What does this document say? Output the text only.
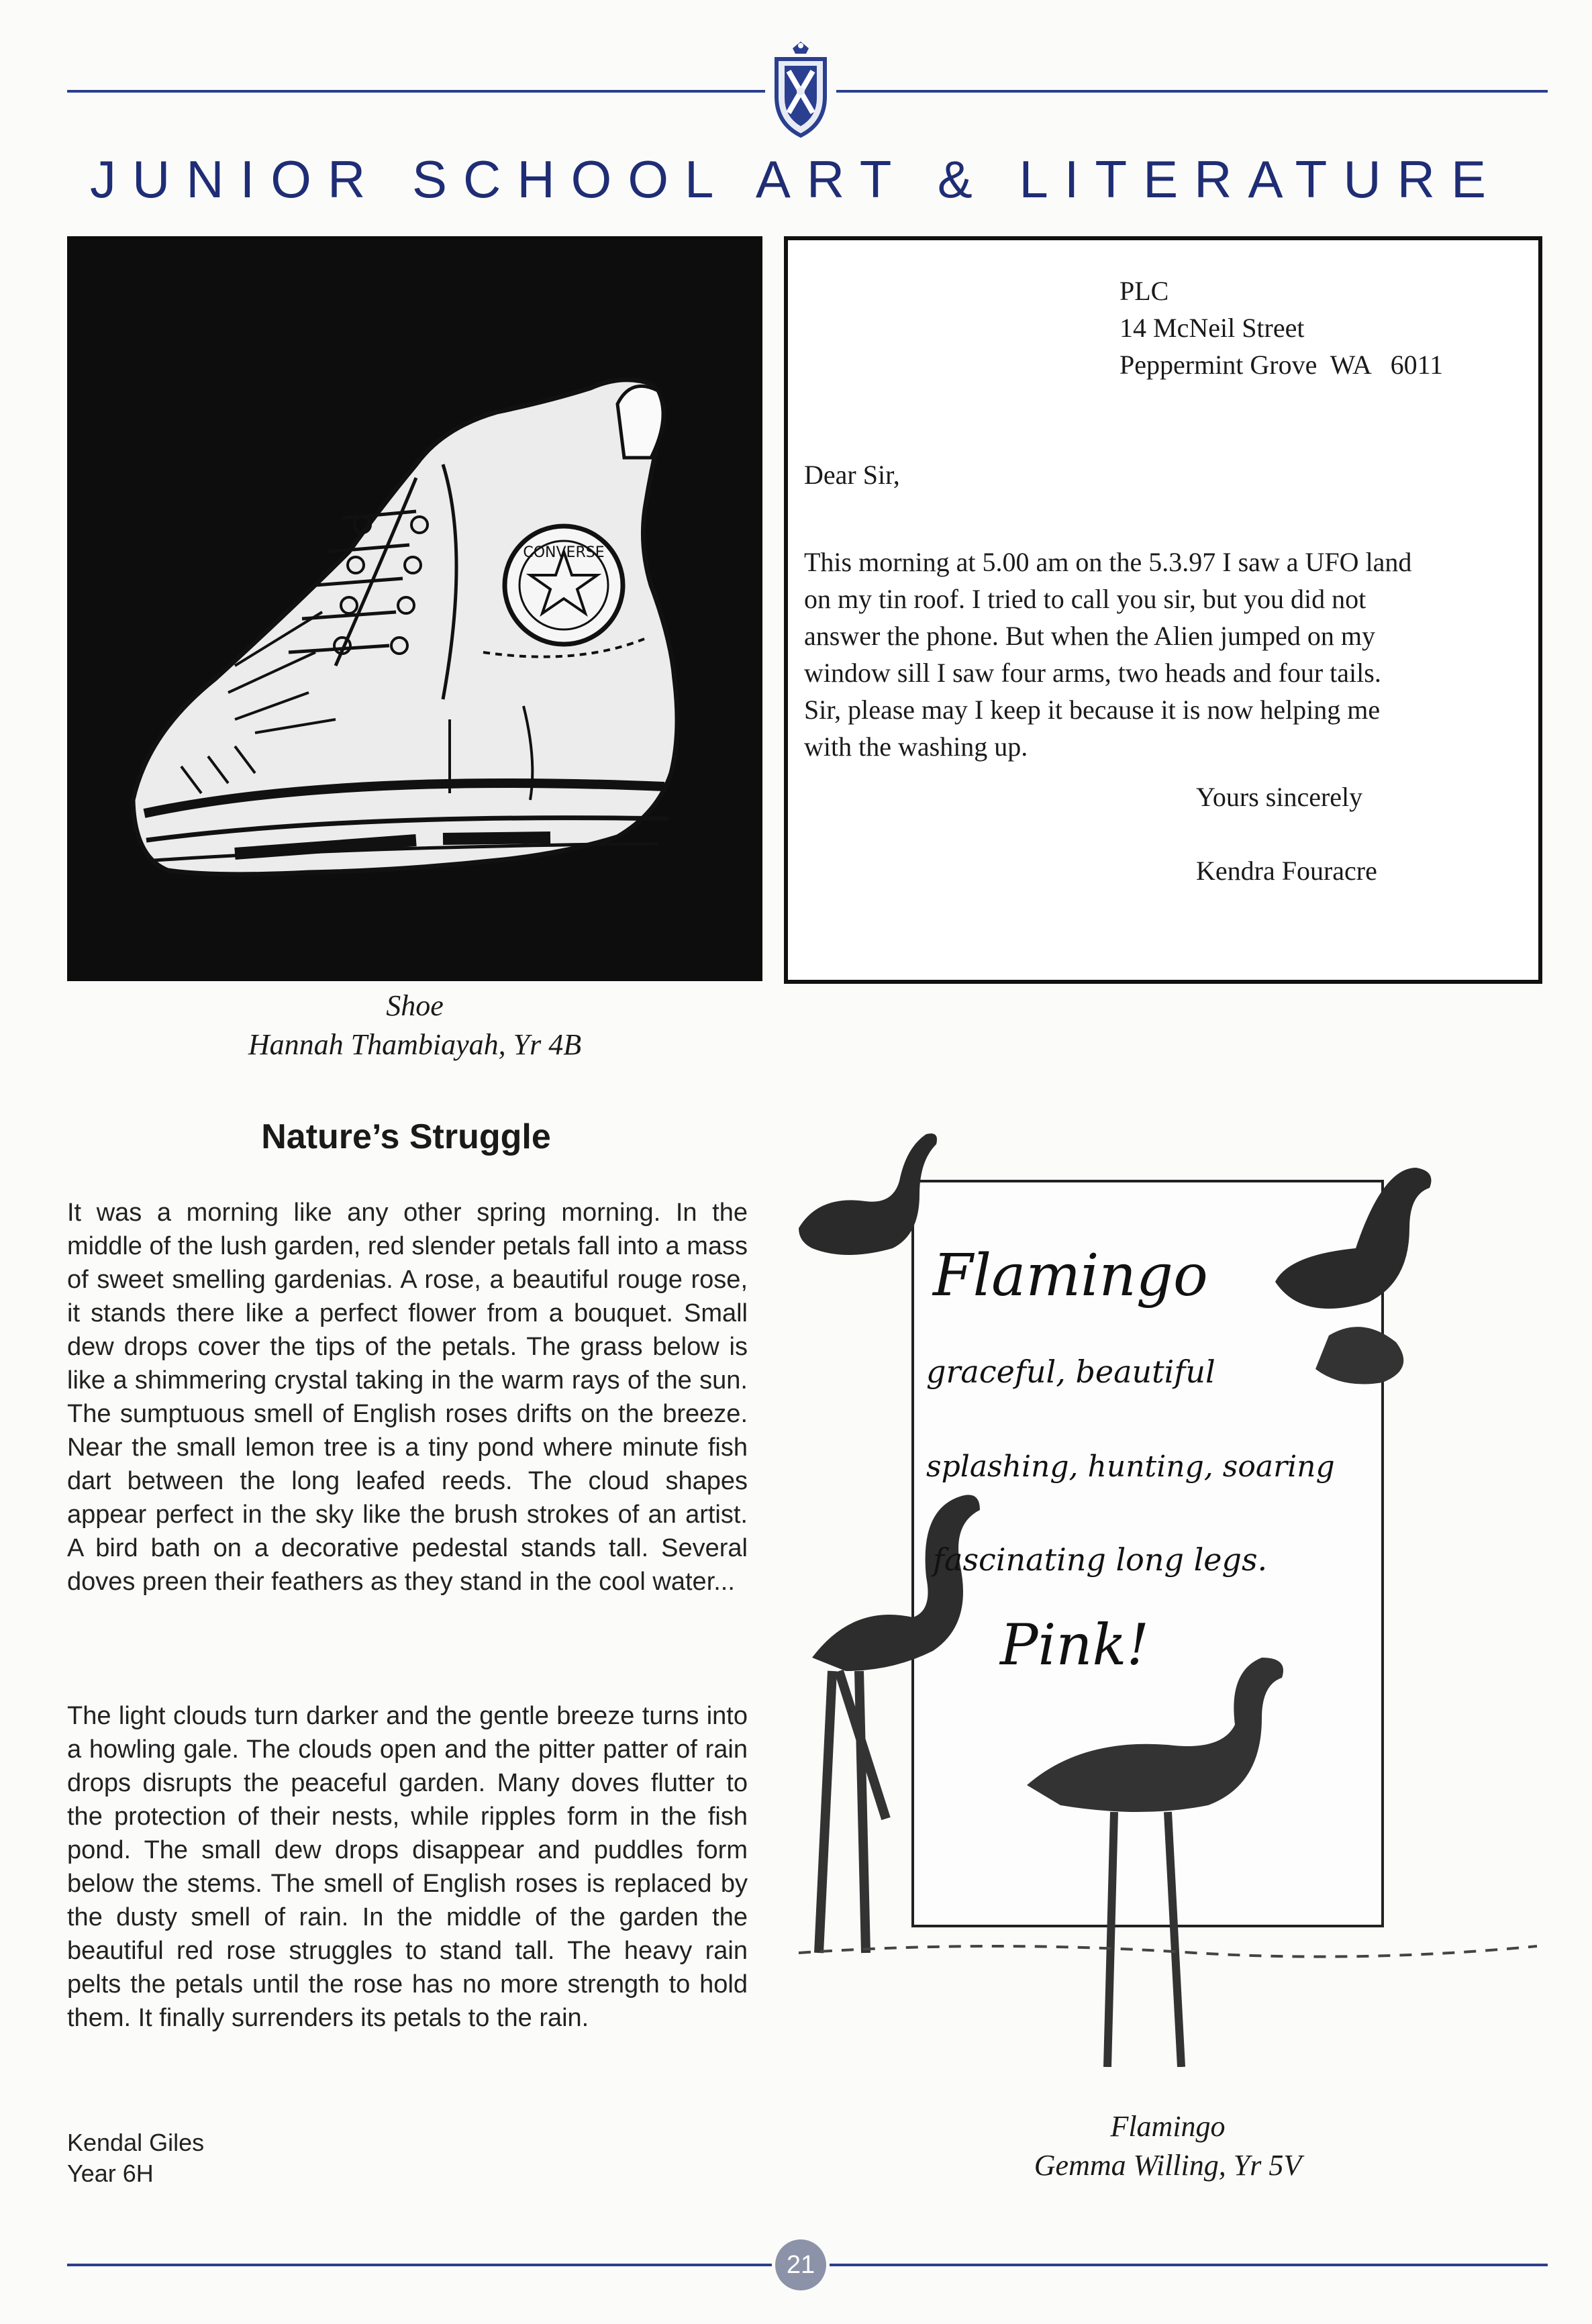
JUNIOR SCHOOL ART & LITERATURE
CONVERSE
Shoe
Hannah Thambiayah, Yr 4B
PLC
14 McNeil Street
Peppermint Grove  WA   6011
Dear Sir,
This morning at 5.00 am on the 5.3.97 I saw a UFO land
on my tin roof. I tried to call you sir, but you did not
answer the phone. But when the Alien jumped on my
window sill I saw four arms, two heads and four tails.
Sir, please may I keep it because it is now helping me
with the washing up.
Yours sincerely
Kendra Fouracre
Nature’s Struggle
It was a morning like any other spring morning. In the middle of the lush garden, red slender petals fall into a mass of sweet smelling gardenias. A rose, a beautiful rouge rose, it stands there like a perfect flower from a bouquet. Small dew drops cover the tips of the petals. The grass below is like a shimmering crystal taking in the warm rays of the sun. The sumptuous smell of English roses drifts on the breeze. Near the small lemon tree is a tiny pond where minute fish dart between the long leafed reeds. The cloud shapes appear perfect in the sky like the brush strokes of an artist. A bird bath on a decorative pedestal stands tall. Several doves preen their feathers as they stand in the cool water...
The light clouds turn darker and the gentle breeze turns into a howling gale. The clouds open and the pitter patter of rain drops disrupts the peaceful garden. Many doves flutter to the protection of their nests, while ripples form in the fish pond. The small dew drops disappear and puddles form below the stems. The smell of English roses is replaced by the dusty smell of rain. In the middle of the garden the beautiful red rose struggles to stand tall. The heavy rain pelts the petals until the rose has no more strength to hold them. It finally surrenders its petals to the rain.
Kendal Giles
Year 6H
Flamingo
graceful, beautiful
splashing, hunting, soaring
fascinating long legs.
Pink!
Flamingo
Gemma Willing, Yr 5V
21
